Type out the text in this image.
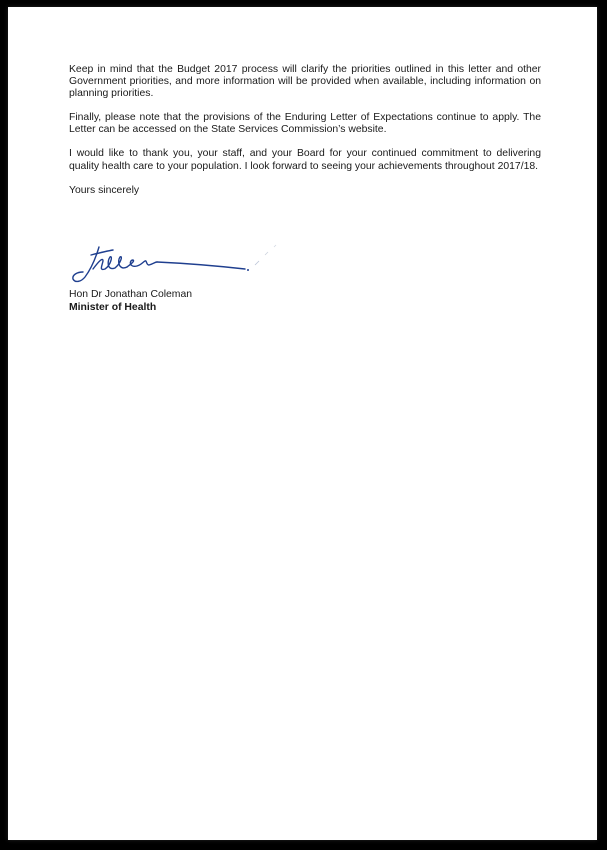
Keep in mind that the Budget 2017 process will clarify the priorities outlined in this letter and other Government priorities, and more information will be provided when available, including information on planning priorities.

Finally, please note that the provisions of the Enduring Letter of Expectations continue to apply. The Letter can be accessed on the State Services Commission’s website.

I would like to thank you, your staff, and your Board for your continued commitment to delivering quality health care to your population. I look forward to seeing your achievements throughout 2017/18.

Yours sincerely

Hon Dr Jonathan Coleman
Minister of Health
